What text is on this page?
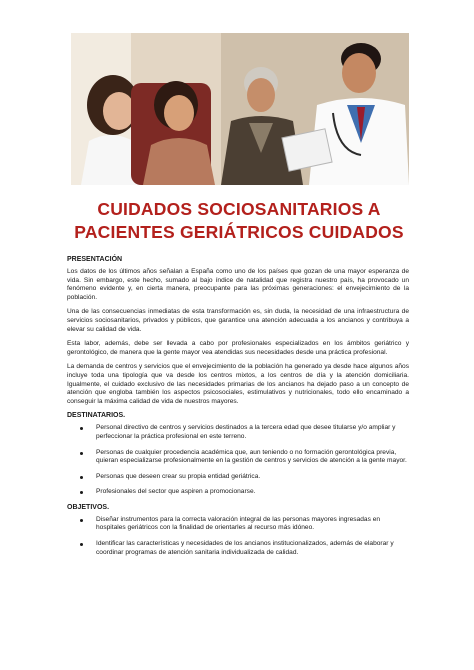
CUIDADOS SOCIOSANITARIOS A
PACIENTES GERIÁTRICOS CUIDADOS
PRESENTACIÓN

Los datos de los últimos años señalan a España como uno de los países que gozan de una mayor esperanza de vida. Sin embargo, este hecho, sumado al bajo índice de natalidad que registra nuestro país, ha provocado un fenómeno evidente y, en cierta manera, preocupante para las próximas generaciones: el envejecimiento de la población.

Una de las consecuencias inmediatas de esta transformación es, sin duda, la necesidad de una infraestructura de servicios sociosanitarios, privados y públicos, que garantice una atención adecuada a los ancianos y contribuya a elevar su calidad de vida.

Esta labor, además, debe ser llevada a cabo por profesionales especializados en los ámbitos geriátrico y gerontológico, de manera que la gente mayor vea atendidas sus necesidades desde una práctica profesional.

La demanda de centros y servicios que el envejecimiento de la población ha generado ya desde hace algunos años incluye toda una tipología que va desde los centros mixtos, a los centros de día y la atención domiciliaria. Igualmente, el cuidado exclusivo de las necesidades primarias de los ancianos ha dejado paso a un concepto de atención que engloba también los aspectos psicosociales, estimulativos y nutricionales, todo ello encaminado a conseguir la máxima calidad de vida de nuestros mayores.

DESTINATARIOS.
Personal directivo de centros y servicios destinados a la tercera edad que desee titularse y/o ampliar y perfeccionar la práctica profesional en este terreno.
Personas de cualquier procedencia académica que, aun teniendo o no formación gerontológica previa, quieran especializarse profesionalmente en la gestión de centros y servicios de atención a la gente mayor.
Personas que deseen crear su propia entidad geriátrica.
Profesionales del sector que aspiren a promocionarse.
OBJETIVOS.
Diseñar instrumentos para la correcta valoración integral de las personas mayores ingresadas en hospitales geriátricos con la finalidad de orientarles al recurso más idóneo.
Identificar las características y necesidades de los ancianos institucionalizados, además de elaborar y coordinar programas de atención sanitaria individualizada de calidad.
